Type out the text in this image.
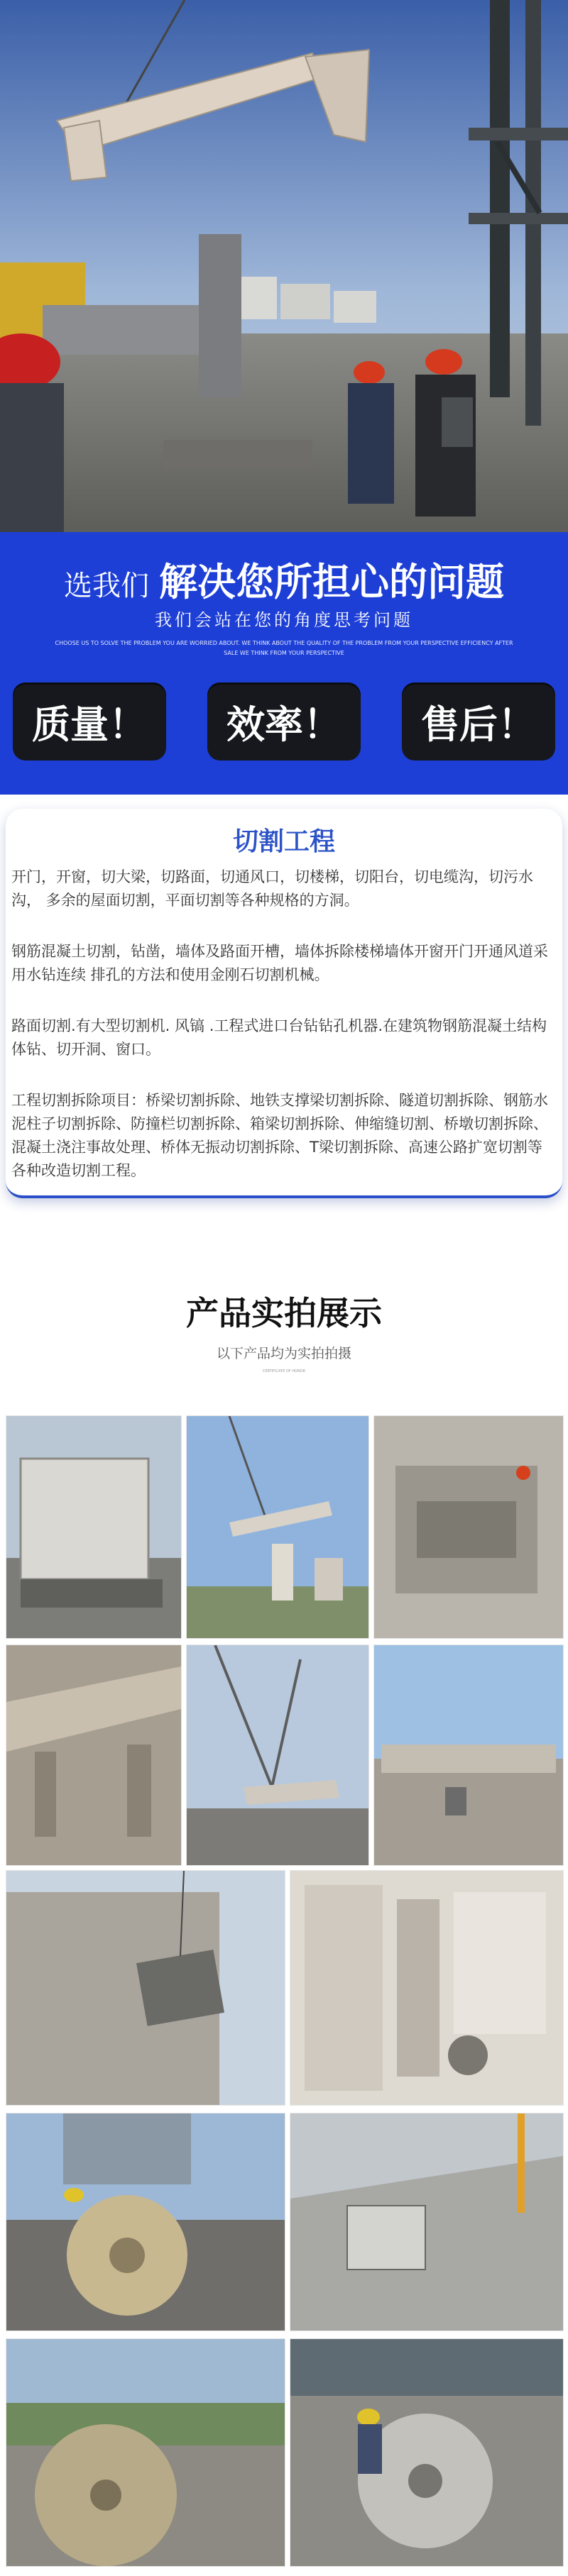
选我们 解决您所担心的问题
我们会站在您的角度思考问题
CHOOSE US TO SOLVE THE PROBLEM YOU ARE WORRIED ABOUT. WE THINK ABOUT THE QUALITY OF THE PROBLEM FROM YOUR PERSPECTIVE EFFICIENCY AFTER SALE WE THINK FROM YOUR PERSPECTIVE
质量！	效率！	售后！
切割工程
开门，开窗，切大梁，切路面，切通风口，切楼梯，切阳台，切电缆沟，切污水沟， 多余的屋面切割，平面切割等各种规格的方洞。
钢筋混凝土切割，钻凿，墙体及路面开槽，墙体拆除楼梯墙体开窗开门开通风道采用水钻连续 排孔的方法和使用金刚石切割机械。
路面切割.有大型切割机. 风镐 .工程式进口台钻钻孔机器.在建筑物钢筋混凝土结构体钻、切开洞、窗口。
工程切割拆除项目：桥梁切割拆除、地铁支撑梁切割拆除、隧道切割拆除、钢筋水泥柱子切割拆除、防撞栏切割拆除、箱梁切割拆除、伸缩缝切割、桥墩切割拆除、混凝土浇注事故处理、桥体无振动切割拆除、T梁切割拆除、高速公路扩宽切割等各种改造切割工程。
产品实拍展示
以下产品均为实拍拍摄
CERTIFICATE OF HONOR
